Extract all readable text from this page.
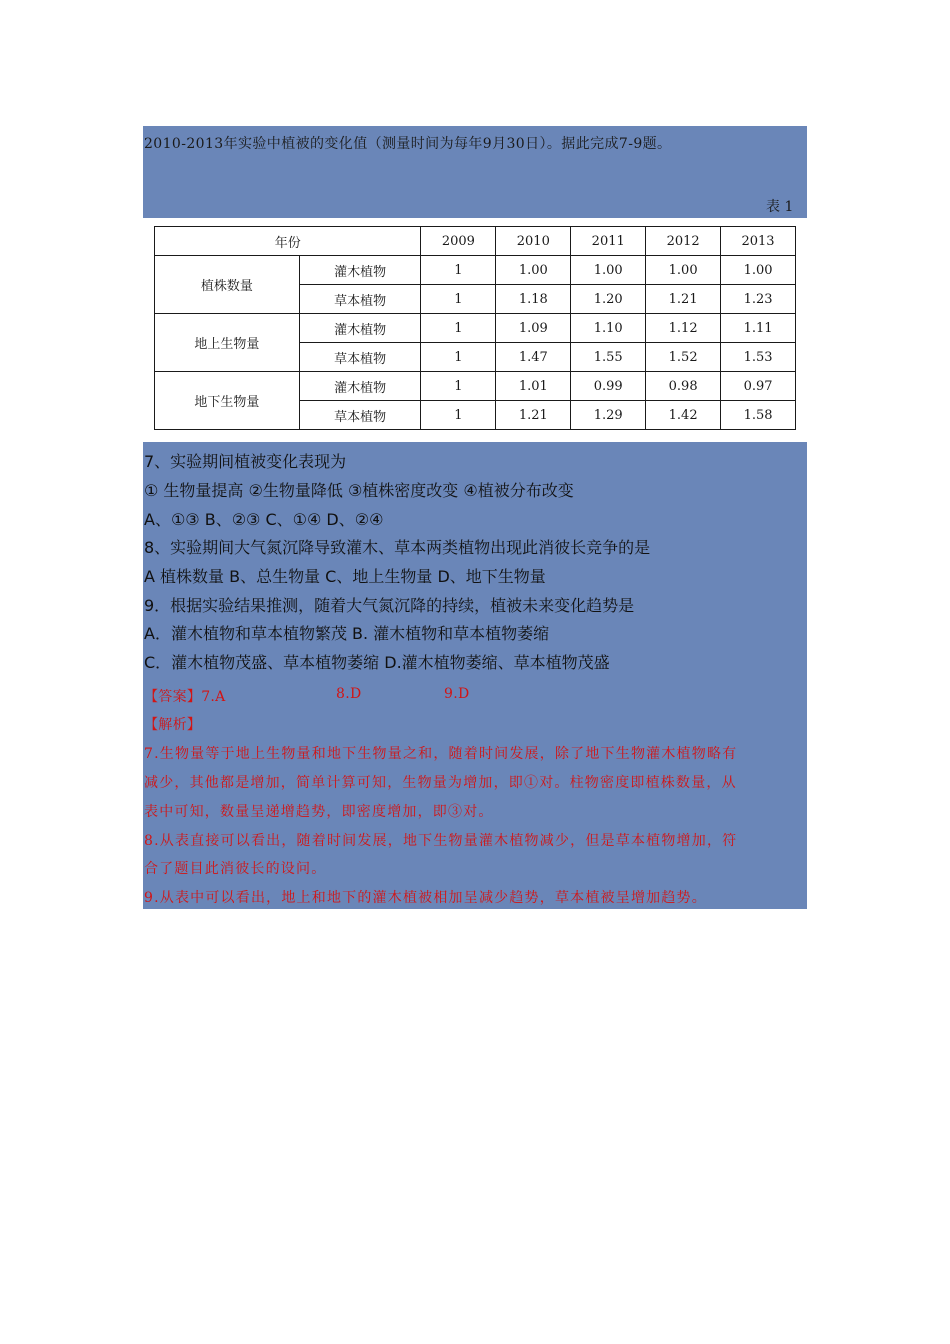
2010-2013年实验中植被的变化值（测量时间为每年9月30日）。据此完成7-9题。
表 1
年份		2009	2010	2011	2012	2013
植株数量	灌木植物	1	1.00	1.00	1.00	1.00
	草本植物	1	1.18	1.20	1.21	1.23
地上生物量	灌木植物	1	1.09	1.10	1.12	1.11
	草本植物	1	1.47	1.55	1.52	1.53
地下生物量	灌木植物	1	1.01	0.99	0.98	0.97
	草本植物	1	1.21	1.29	1.42	1.58
7、实验期间植被变化表现为
① 生物量提高 ②生物量降低 ③植株密度改变 ④植被分布改变
A、①③ B、②③ C、①④ D、②④
8、实验期间大气氮沉降导致灌木、草本两类植物出现此消彼长竞争的是
A 植株数量 B、总生物量 C、地上生物量 D、地下生物量
9．根据实验结果推测，随着大气氮沉降的持续，植被未来变化趋势是
A．灌木植物和草本植物繁茂 B. 灌木植物和草本植物萎缩
C．灌木植物茂盛、草本植物萎缩 D.灌木植物萎缩、草本植物茂盛
【答案】7.A	8.D	9.D
【解析】
7.生物量等于地上生物量和地下生物量之和，随着时间发展，除了地下生物灌木植物略有
减少，其他都是增加，简单计算可知，生物量为增加，即①对。柱物密度即植株数量，从
表中可知，数量呈递增趋势，即密度增加，即③对。
8.从表直接可以看出，随着时间发展，地下生物量灌木植物减少，但是草本植物增加，符
合了题目此消彼长的设问。
9.从表中可以看出，地上和地下的灌木植被相加呈减少趋势，草本植被呈增加趋势。
